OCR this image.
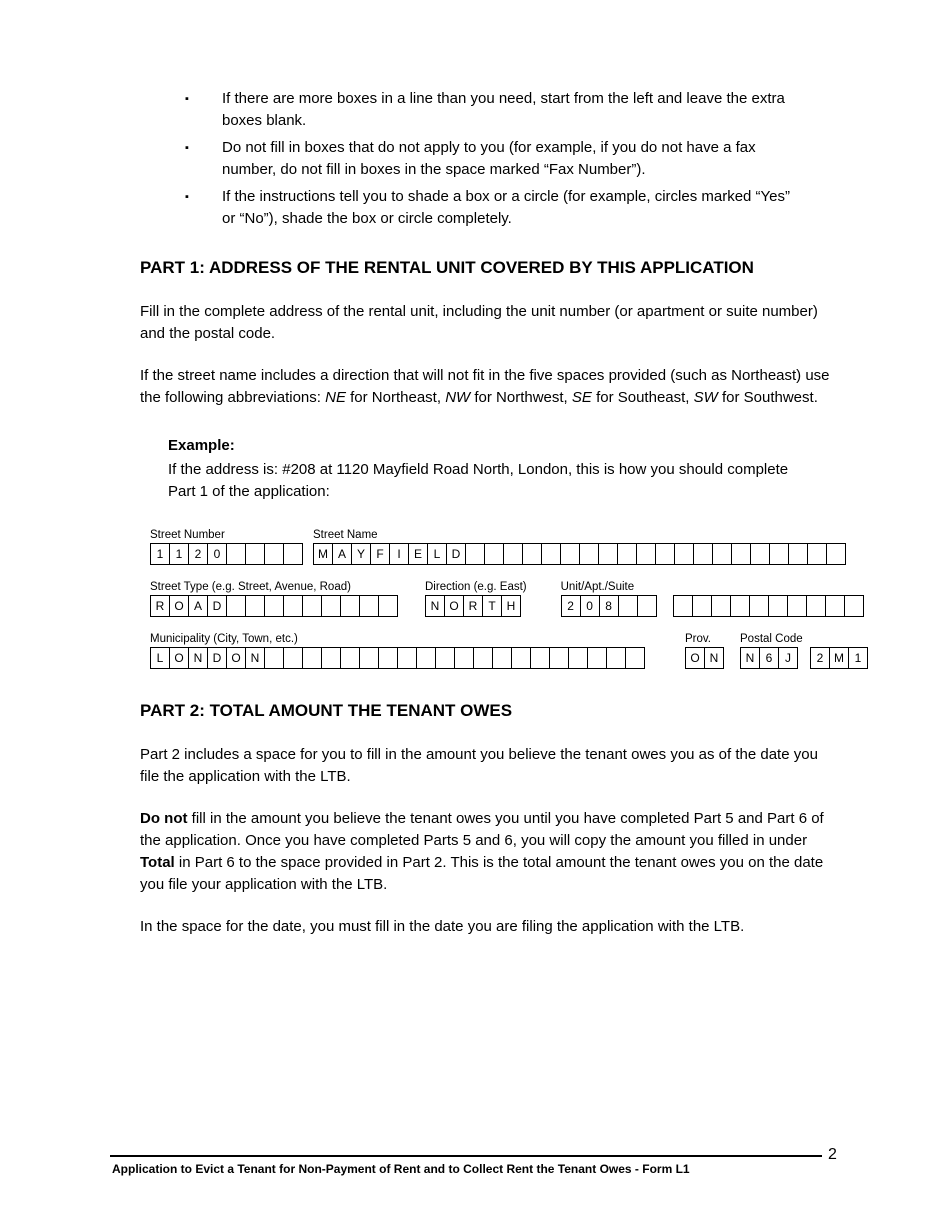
▪	If there are more boxes in a line than you need, start from the left and leave the extra boxes blank.
▪	Do not fill in boxes that do not apply to you (for example, if you do not have a fax number, do not fill in boxes in the space marked “Fax Number”).
▪	If the instructions tell you to shade a box or a circle (for example, circles marked “Yes” or “No”), shade the box or circle completely.
PART 1: ADDRESS OF THE RENTAL UNIT COVERED BY THIS APPLICATION

Fill in the complete address of the rental unit, including the unit number (or apartment or suite number) and the postal code.

If the street name includes a direction that will not fit in the five spaces provided (such as Northeast) use the following abbreviations: NE for Northeast, NW for Northwest, SE for Southeast, SW for Southwest.

Example:
If the address is: #208 at 1120 Mayfield Road North, London, this is how you should complete Part 1 of the application:
Street Number
1	1	2	0
Street Name
M A Y F	I	E L D
Street Type (e.g. Street, Avenue, Road)
R O A D
Direction (e.g. East)
N O R T H
Unit/Apt./Suite
2	0	8
Municipality (City, Town, etc.)
L O N D O N
Prov.
O N
Postal Code
N 6	J	2 M 1
PART 2: TOTAL AMOUNT THE TENANT OWES

Part 2 includes a space for you to fill in the amount you believe the tenant owes you as of the date you file the application with the LTB.

Do not fill in the amount you believe the tenant owes you until you have completed Part 5 and Part 6 of the application. Once you have completed Parts 5 and 6, you will copy the amount you filled in under Total in Part 6 to the space provided in Part 2. This is the total amount the tenant owes you on the date you file your application with the LTB.

In the space for the date, you must fill in the date you are filing the application with the LTB.

Application to Evict a Tenant for Non-Payment of Rent and to Collect Rent the Tenant Owes - Form L1
2
